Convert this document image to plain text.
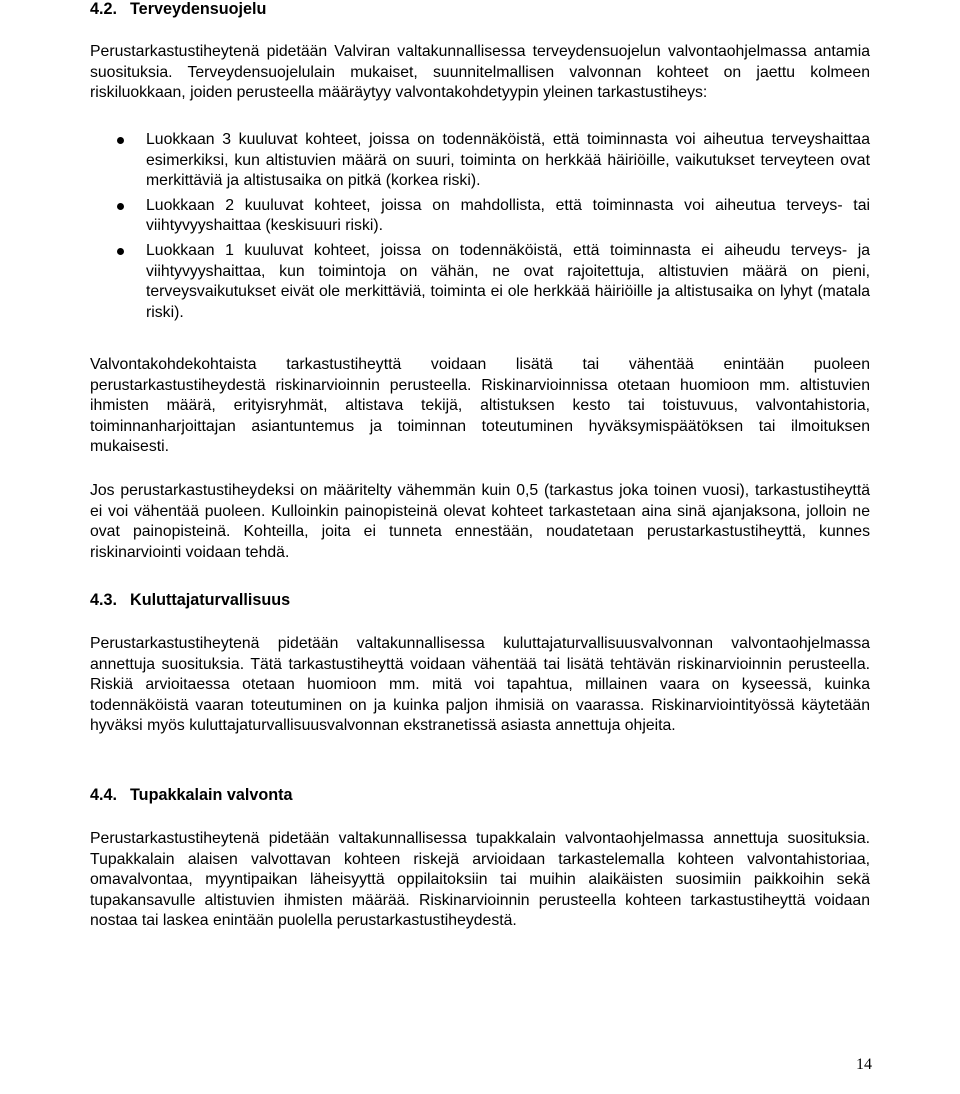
4.2. Terveydensuojelu

Perustarkastustiheytenä pidetään Valviran valtakunnallisessa terveydensuojelun valvontaohjelmassa antamia suosituksia. Terveydensuojelulain mukaiset, suunnitelmallisen valvonnan kohteet on jaettu kolmeen riskiluokkaan, joiden perusteella määräytyy valvontakohdetyypin yleinen tarkastustiheys:

Luokkaan 3 kuuluvat kohteet, joissa on todennäköistä, että toiminnasta voi aiheutua terveyshaittaa esimerkiksi, kun altistuvien määrä on suuri, toiminta on herkkää häiriöille, vaikutukset terveyteen ovat merkittäviä ja altistusaika on pitkä (korkea riski).
Luokkaan 2 kuuluvat kohteet, joissa on mahdollista, että toiminnasta voi aiheutua terveys- tai viihtyvyyshaittaa (keskisuuri riski).
Luokkaan 1 kuuluvat kohteet, joissa on todennäköistä, että toiminnasta ei aiheudu terveys- ja viihtyvyyshaittaa, kun toimintoja on vähän, ne ovat rajoitettuja, altistuvien määrä on pieni, terveysvaikutukset eivät ole merkittäviä, toiminta ei ole herkkää häiriöille ja altistusaika on lyhyt (matala riski).

Valvontakohdekohtaista tarkastustiheyttä voidaan lisätä tai vähentää enintään puoleen perustarkastustiheydestä riskinarvioinnin perusteella. Riskinarvioinnissa otetaan huomioon mm. altistuvien ihmisten määrä, erityisryhmät, altistava tekijä, altistuksen kesto tai toistuvuus, valvontahistoria, toiminnanharjoittajan asiantuntemus ja toiminnan toteutuminen hyväksymispäätöksen tai ilmoituksen mukaisesti.

Jos perustarkastustiheydeksi on määritelty vähemmän kuin 0,5 (tarkastus joka toinen vuosi), tarkastustiheyttä ei voi vähentää puoleen. Kulloinkin painopisteinä olevat kohteet tarkastetaan aina sinä ajanjaksona, jolloin ne ovat painopisteinä. Kohteilla, joita ei tunneta ennestään, noudatetaan perustarkastustiheyttä, kunnes riskinarviointi voidaan tehdä.

4.3. Kuluttajaturvallisuus

Perustarkastustiheytenä pidetään valtakunnallisessa kuluttajaturvallisuusvalvonnan valvontaohjelmassa annettuja suosituksia. Tätä tarkastustiheyttä voidaan vähentää tai lisätä tehtävän riskinarvioinnin perusteella. Riskiä arvioitaessa otetaan huomioon mm. mitä voi tapahtua, millainen vaara on kyseessä, kuinka todennäköistä vaaran toteutuminen on ja kuinka paljon ihmisiä on vaarassa. Riskinarviointityössä käytetään hyväksi myös kuluttajaturvallisuusvalvonnan ekstranetissä asiasta annettuja ohjeita.

4.4. Tupakkalain valvonta

Perustarkastustiheytenä pidetään valtakunnallisessa tupakkalain valvontaohjelmassa annettuja suosituksia. Tupakkalain alaisen valvottavan kohteen riskejä arvioidaan tarkastelemalla kohteen valvontahistoriaa, omavalvontaa, myyntipaikan läheisyyttä oppilaitoksiin tai muihin alaikäisten suosimiin paikkoihin sekä tupakansavulle altistuvien ihmisten määrää. Riskinarvioinnin perusteella kohteen tarkastustiheyttä voidaan nostaa tai laskea enintään puolella perustarkastustiheydestä.

14
